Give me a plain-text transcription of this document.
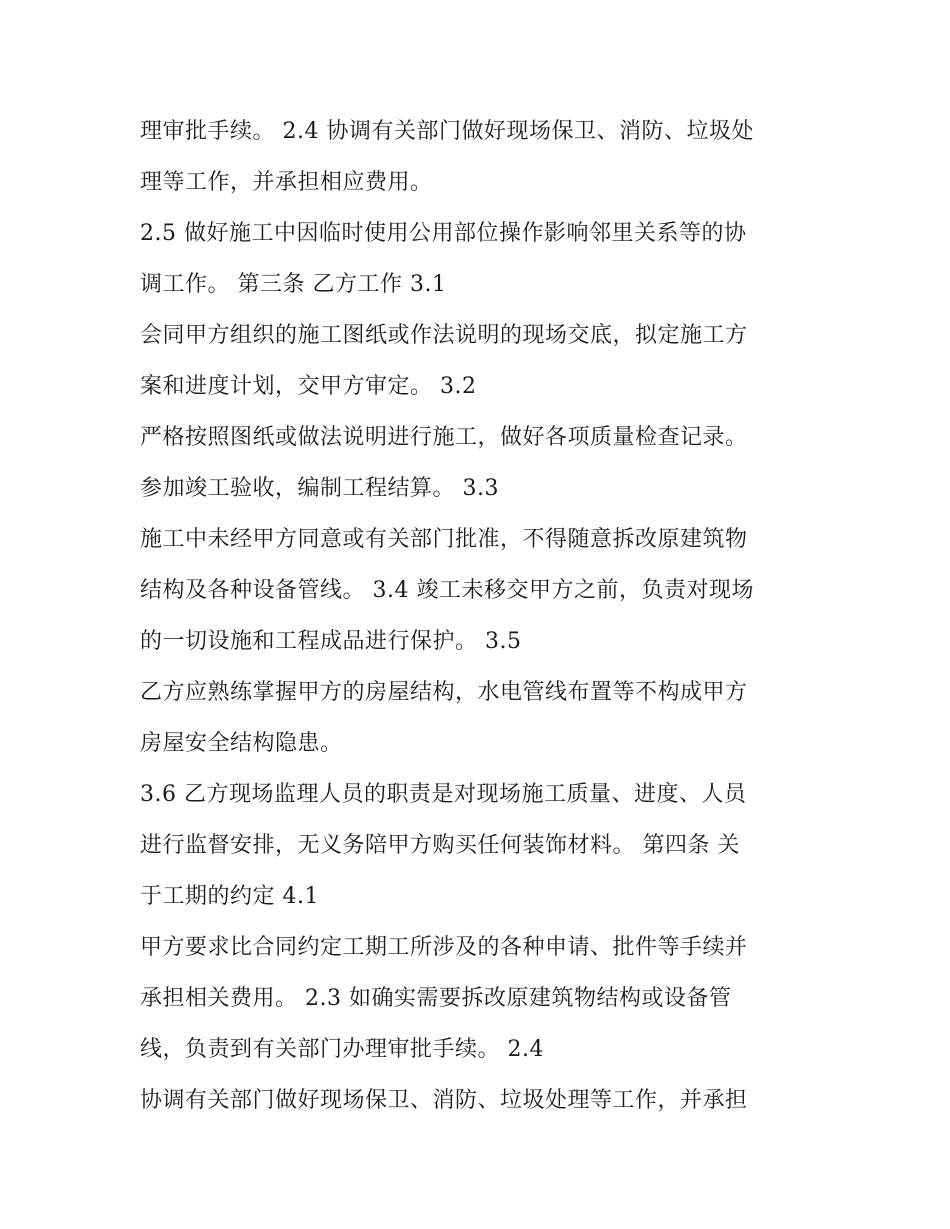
理审批手续。 2.4 协调有关部门做好现场保卫、消防、垃圾处
理等工作，并承担相应费用。
2.5 做好施工中因临时使用公用部位操作影响邻里关系等的协
调工作。 第三条 乙方工作 3.1
会同甲方组织的施工图纸或作法说明的现场交底，拟定施工方
案和进度计划，交甲方审定。 3.2
严格按照图纸或做法说明进行施工，做好各项质量检查记录。
参加竣工验收，编制工程结算。 3.3
施工中未经甲方同意或有关部门批准，不得随意拆改原建筑物
结构及各种设备管线。 3.4 竣工未移交甲方之前，负责对现场
的一切设施和工程成品进行保护。 3.5
乙方应熟练掌握甲方的房屋结构，水电管线布置等不构成甲方
房屋安全结构隐患。
3.6 乙方现场监理人员的职责是对现场施工质量、进度、人员
进行监督安排，无义务陪甲方购买任何装饰材料。 第四条 关
于工期的约定 4.1
甲方要求比合同约定工期工所涉及的各种申请、批件等手续并
承担相关费用。 2.3 如确实需要拆改原建筑物结构或设备管
线，负责到有关部门办理审批手续。 2.4
协调有关部门做好现场保卫、消防、垃圾处理等工作，并承担
